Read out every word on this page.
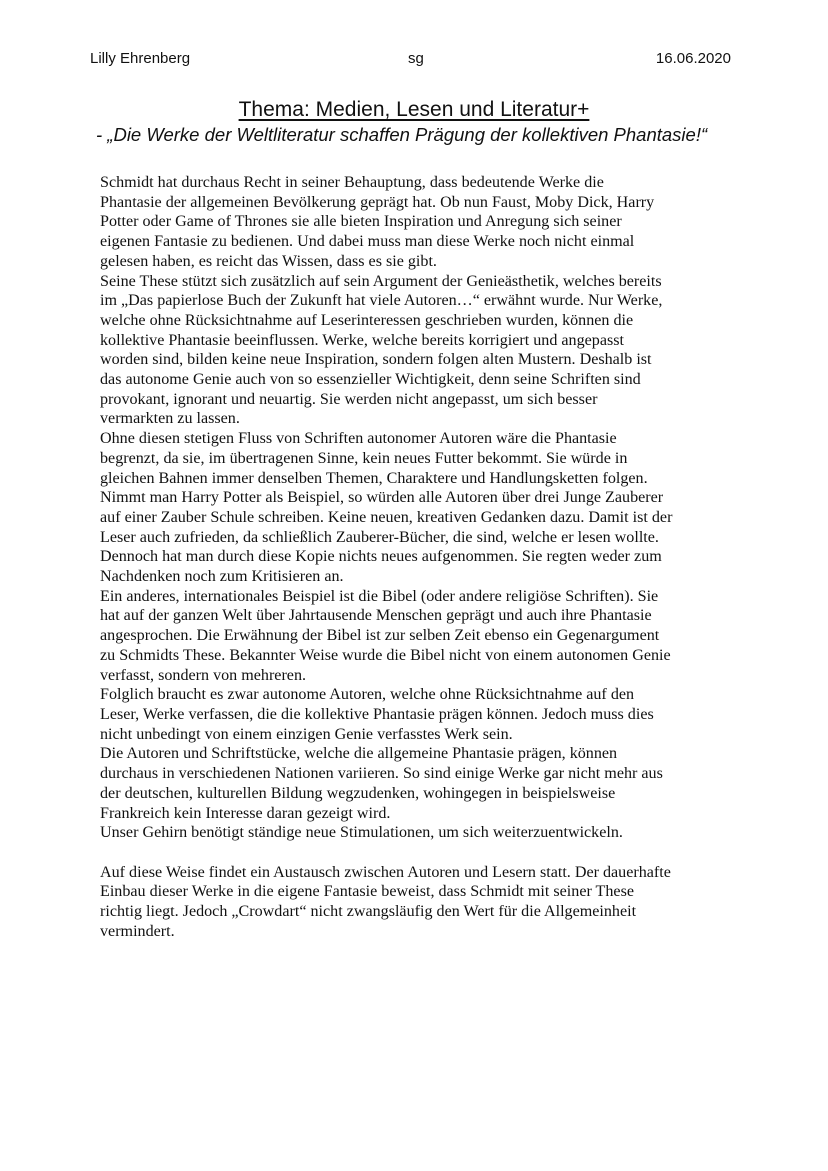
Lilly Ehrenberg	sg	16.06.2020
Thema: Medien, Lesen und Literatur+
- „Die Werke der Weltliteratur schaffen Prägung der kollektiven Phantasie!“
Schmidt hat durchaus Recht in seiner Behauptung, dass bedeutende Werke die
Phantasie der allgemeinen Bevölkerung geprägt hat. Ob nun Faust, Moby Dick, Harry
Potter oder Game of Thrones sie alle bieten Inspiration und Anregung sich seiner
eigenen Fantasie zu bedienen. Und dabei muss man diese Werke noch nicht einmal
gelesen haben, es reicht das Wissen, dass es sie gibt.
Seine These stützt sich zusätzlich auf sein Argument der Genieästhetik, welches bereits
im „Das papierlose Buch der Zukunft hat viele Autoren…“ erwähnt wurde. Nur Werke,
welche ohne Rücksichtnahme auf Leserinteressen geschrieben wurden, können die
kollektive Phantasie beeinflussen. Werke, welche bereits korrigiert und angepasst
worden sind, bilden keine neue Inspiration, sondern folgen alten Mustern. Deshalb ist
das autonome Genie auch von so essenzieller Wichtigkeit, denn seine Schriften sind
provokant, ignorant und neuartig. Sie werden nicht angepasst, um sich besser
vermarkten zu lassen.
Ohne diesen stetigen Fluss von Schriften autonomer Autoren wäre die Phantasie
begrenzt, da sie, im übertragenen Sinne, kein neues Futter bekommt. Sie würde in
gleichen Bahnen immer denselben Themen, Charaktere und Handlungsketten folgen.
Nimmt man Harry Potter als Beispiel, so würden alle Autoren über drei Junge Zauberer
auf einer Zauber Schule schreiben. Keine neuen, kreativen Gedanken dazu. Damit ist der
Leser auch zufrieden, da schließlich Zauberer-Bücher, die sind, welche er lesen wollte.
Dennoch hat man durch diese Kopie nichts neues aufgenommen. Sie regten weder zum
Nachdenken noch zum Kritisieren an.
Ein anderes, internationales Beispiel ist die Bibel (oder andere religiöse Schriften). Sie
hat auf der ganzen Welt über Jahrtausende Menschen geprägt und auch ihre Phantasie
angesprochen. Die Erwähnung der Bibel ist zur selben Zeit ebenso ein Gegenargument
zu Schmidts These. Bekannter Weise wurde die Bibel nicht von einem autonomen Genie
verfasst, sondern von mehreren.
Folglich braucht es zwar autonome Autoren, welche ohne Rücksichtnahme auf den
Leser, Werke verfassen, die die kollektive Phantasie prägen können. Jedoch muss dies
nicht unbedingt von einem einzigen Genie verfasstes Werk sein.
Die Autoren und Schriftstücke, welche die allgemeine Phantasie prägen, können
durchaus in verschiedenen Nationen variieren. So sind einige Werke gar nicht mehr aus
der deutschen, kulturellen Bildung wegzudenken, wohingegen in beispielsweise
Frankreich kein Interesse daran gezeigt wird.
Unser Gehirn benötigt ständige neue Stimulationen, um sich weiterzuentwickeln.
Auf diese Weise findet ein Austausch zwischen Autoren und Lesern statt. Der dauerhafte
Einbau dieser Werke in die eigene Fantasie beweist, dass Schmidt mit seiner These
richtig liegt. Jedoch „Crowdart“ nicht zwangsläufig den Wert für die Allgemeinheit
vermindert.
